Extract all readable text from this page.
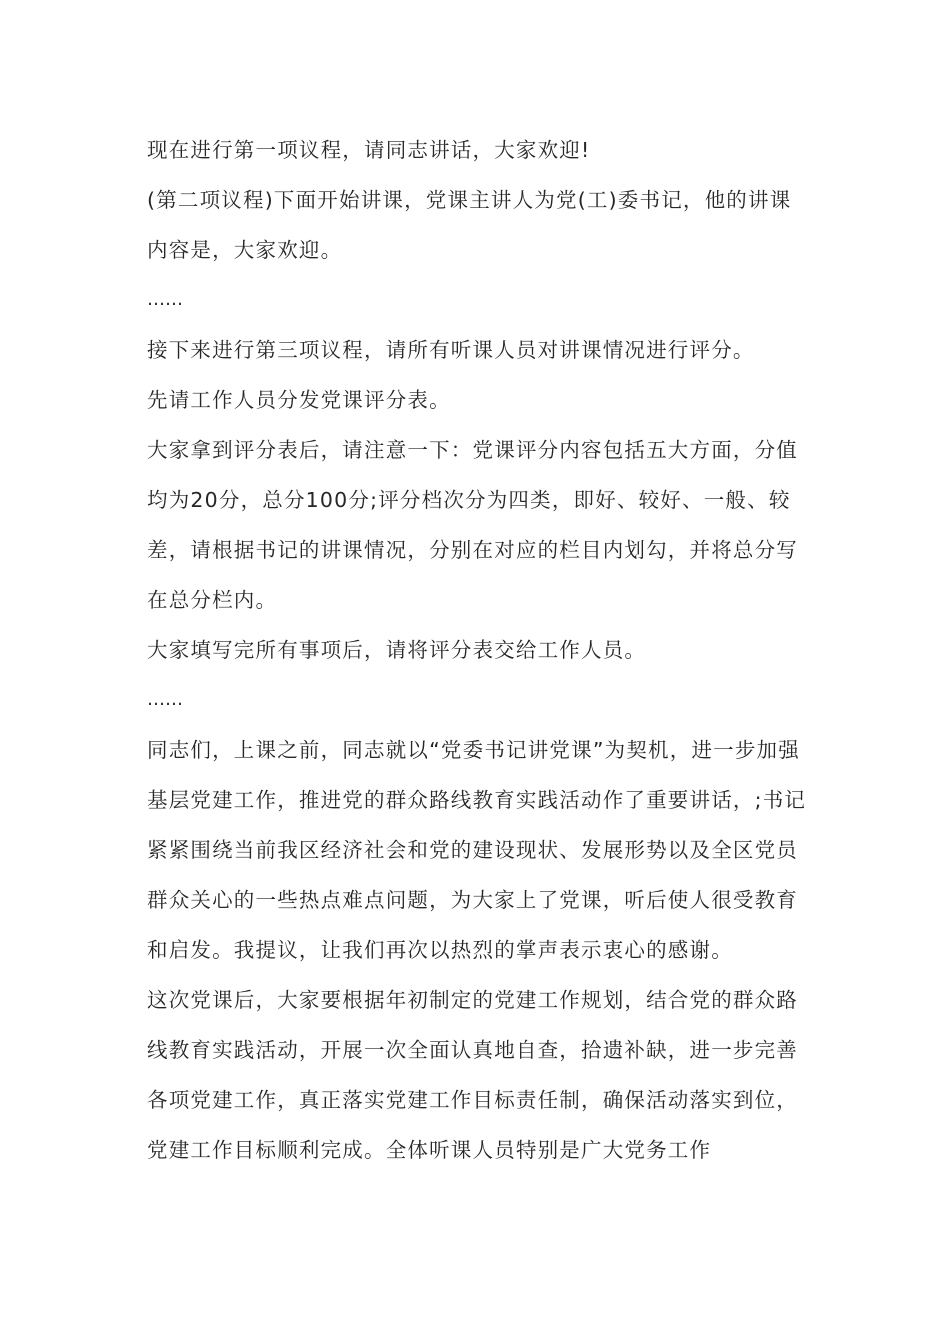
现在进行第一项议程，请同志讲话，大家欢迎!

(第二项议程)下面开始讲课，党课主讲人为党(工)委书记，他的讲课内容是，大家欢迎。

……

接下来进行第三项议程，请所有听课人员对讲课情况进行评分。

先请工作人员分发党课评分表。

大家拿到评分表后，请注意一下：党课评分内容包括五大方面，分值均为20分，总分100分;评分档次分为四类，即好、较好、一般、较差，请根据书记的讲课情况，分别在对应的栏目内划勾，并将总分写在总分栏内。

大家填写完所有事项后，请将评分表交给工作人员。

……

同志们，上课之前，同志就以“党委书记讲党课”为契机，进一步加强基层党建工作，推进党的群众路线教育实践活动作了重要讲话，;书记紧紧围绕当前我区经济社会和党的建设现状、发展形势以及全区党员群众关心的一些热点难点问题，为大家上了党课，听后使人很受教育和启发。我提议，让我们再次以热烈的掌声表示衷心的感谢。

这次党课后，大家要根据年初制定的党建工作规划，结合党的群众路线教育实践活动，开展一次全面认真地自查，拾遗补缺，进一步完善各项党建工作，真正落实党建工作目标责任制，确保活动落实到位，党建工作目标顺利完成。全体听课人员特别是广大党务工作
